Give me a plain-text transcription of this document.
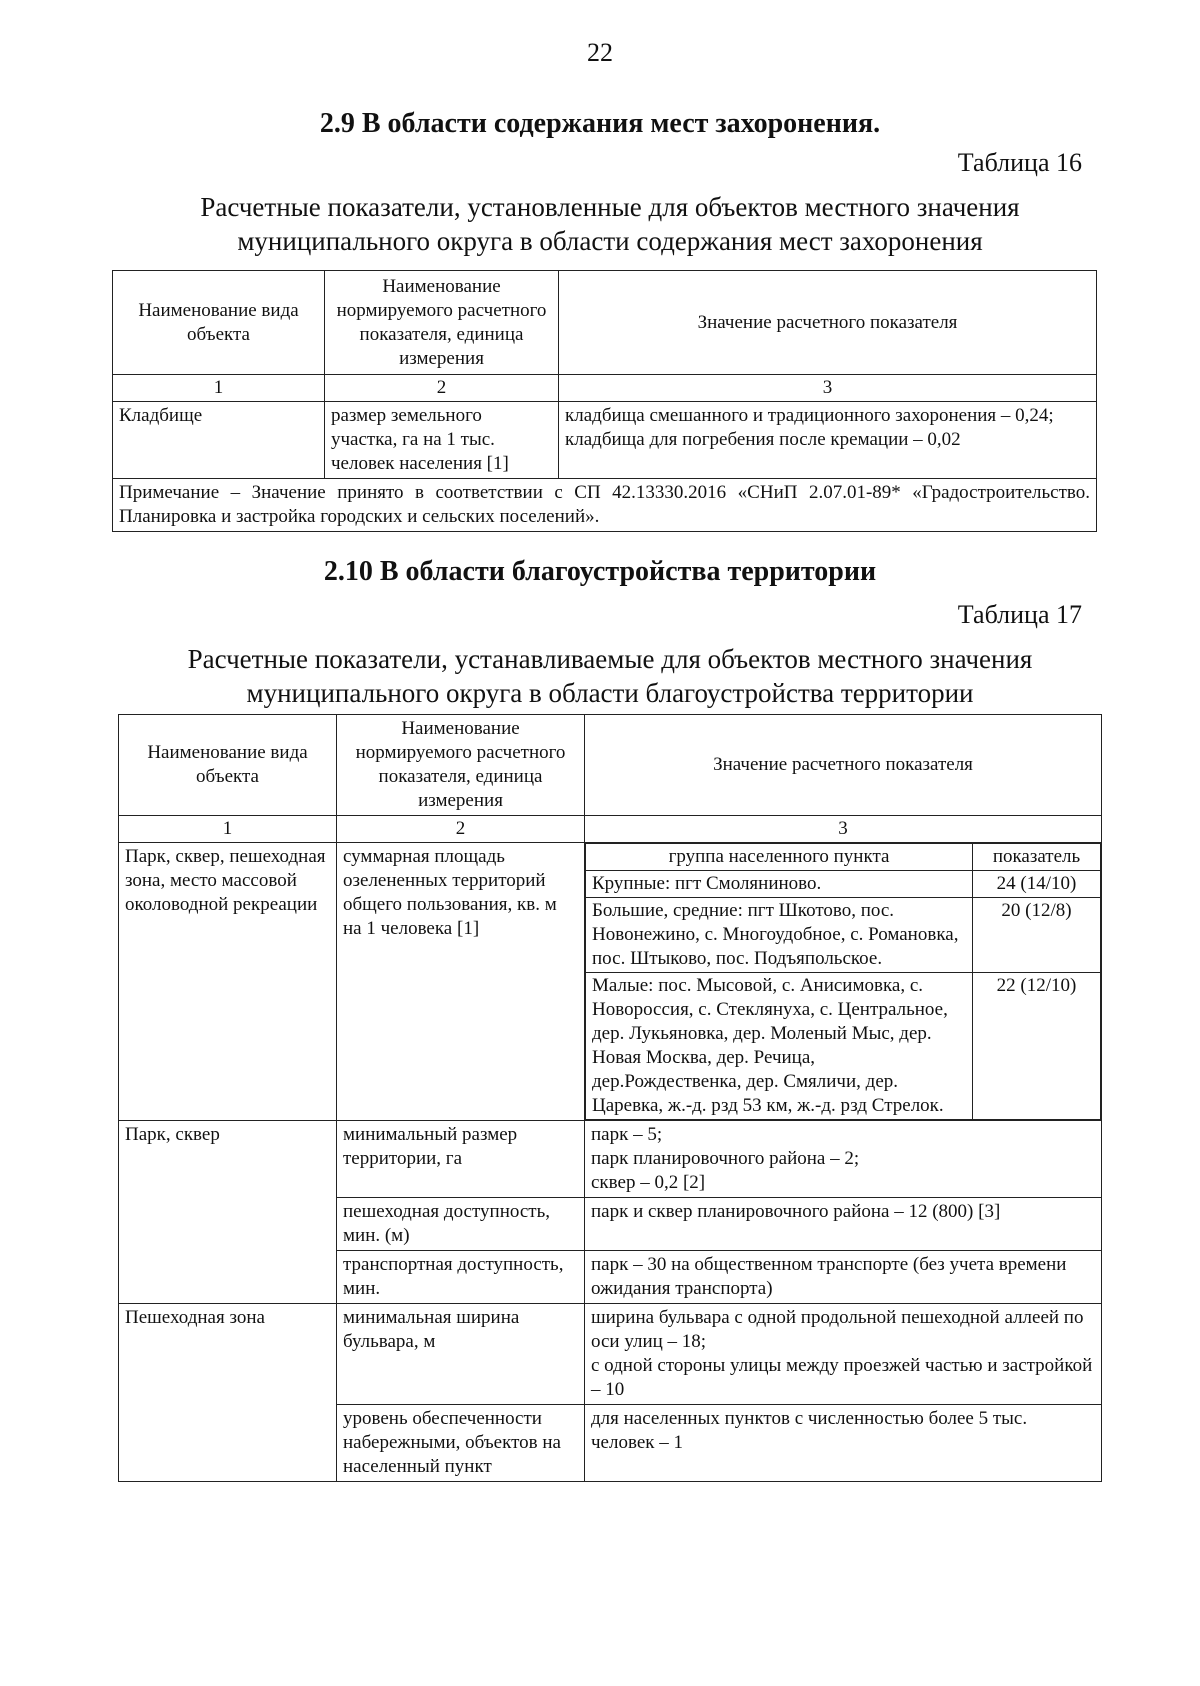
22
2.9 В области содержания мест захоронения.
Таблица 16
Расчетные показатели, установленные для объектов местного значения
муниципального округа в области содержания мест захоронения
Наименование вида объекта	Наименование нормируемого расчетного показателя, единица измерения	Значение расчетного показателя
1	2	3
Кладбище	размер земельного участка, га на 1 тыс. человек населения [1]	кладбища смешанного и традиционного захоронения – 0,24;
кладбища для погребения после кремации – 0,02

Примечание – Значение принято в соответствии с СП 42.13330.2016 «СНиП 2.07.01-89* «Градостроительство. Планировка и застройка городских и сельских поселений».		
2.10 В области благоустройства территории
Таблица 17
Расчетные показатели, устанавливаемые для объектов местного значения
муниципального округа в области благоустройства территории
Наименование вида объекта	Наименование нормируемого расчетного показателя, единица измерения	Значение расчетного показателя
1	2	3
Парк, сквер, пешеходная зона, место массовой околоводной рекреации	суммарная площадь озелененных территорий общего пользования, кв. м на 1 человека [1]	
группа населенного пункта	показатель
Крупные: пгт Смоляниново.	24 (14/10)
Большие, средние: пгт Шкотово, пос. Новонежино, с. Многоудобное, с. Романовка, пос. Штыково, пос. Подъяпольское.	20 (12/8)
Малые: пос. Мысовой, с. Анисимовка, с. Новороссия, с. Стеклянуха, с. Центральное, дер. Лукьяновка, дер. Моленый Мыс, дер. Новая Москва, дер. Речица, дер.Рождественка, дер. Смяличи, дер. Царевка, ж.-д. рзд 53 км, ж.-д. рзд Стрелок.	22 (12/10)

Парк, сквер	минимальный размер территории, га	парк – 5;
парк планировочного района – 2;
сквер – 0,2 [2]
пешеходная доступность, мин. (м)	парк и сквер планировочного района – 12 (800) [3]
транспортная доступность, мин.	парк – 30 на общественном транспорте (без учета времени ожидания транспорта)
Пешеходная зона	минимальная ширина бульвара, м	ширина бульвара с одной продольной пешеходной аллеей по оси улиц – 18;
с одной стороны улицы между проезжей частью и застройкой – 10
уровень обеспеченности набережными, объектов на населенный пункт	для населенных пунктов с численностью более 5 тыс. человек – 1
